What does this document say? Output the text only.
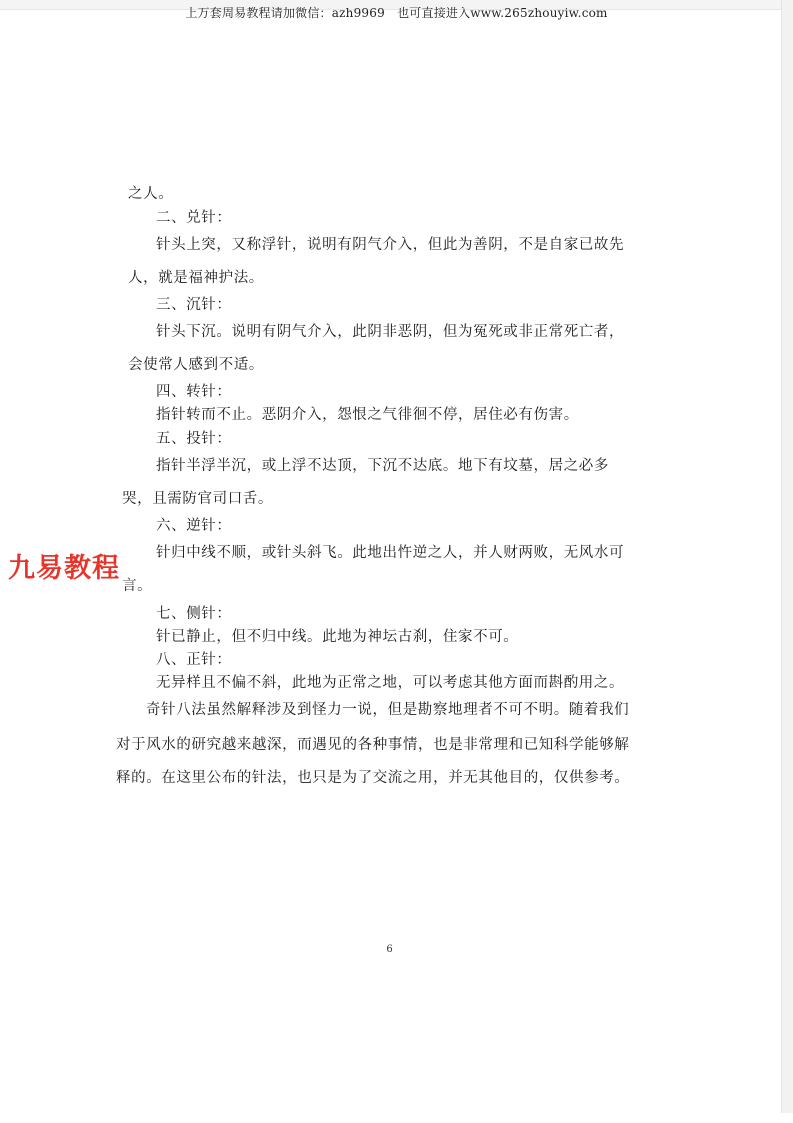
上万套周易教程请加微信：azh9969　也可直接进入www.265zhouyiw.com
之人。
二、兑针：
针头上突，又称浮针，说明有阴气介入，但此为善阴，不是自家已故先
人，就是福神护法。
三、沉针：
针头下沉。说明有阴气介入，此阴非恶阴，但为冤死或非正常死亡者，
会使常人感到不适。
四、转针：
指针转而不止。恶阴介入，怨恨之气徘徊不停，居住必有伤害。
五、投针：
指针半浮半沉，或上浮不达顶，下沉不达底。地下有坟墓，居之必多
哭，且需防官司口舌。
六、逆针：
针归中线不顺，或针头斜飞。此地出忤逆之人，并人财两败，无风水可
言。
七、侧针：
针已静止，但不归中线。此地为神坛古刹，住家不可。
八、正针：
无异样且不偏不斜，此地为正常之地，可以考虑其他方面而斟酌用之。
奇针八法虽然解释涉及到怪力一说，但是勘察地理者不可不明。随着我们
对于风水的研究越来越深，而遇见的各种事情，也是非常理和已知科学能够解
释的。在这里公布的针法，也只是为了交流之用，并无其他目的，仅供参考。
九易教程
6
